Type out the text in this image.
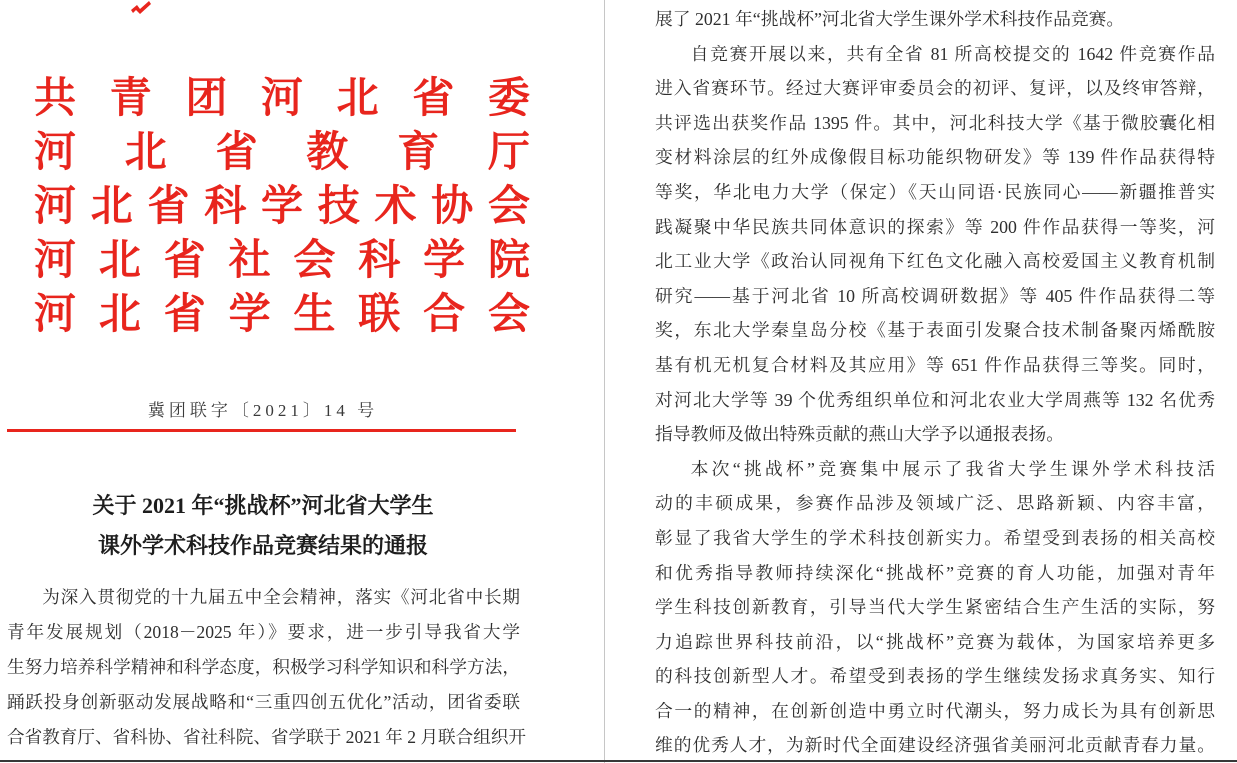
共青团河北省委
河北省教育厅
河北省科学技术协会
河北省社会科学院
河北省学生联合会
冀团联字〔2021〕14 号
关于 2021 年“挑战杯”河北省大学生
课外学术科技作品竞赛结果的通报
为深入贯彻党的十九届五中全会精神，落实《河北省中长期
青年发展规划（2018－2025 年）》要求，进一步引导我省大学
生努力培养科学精神和科学态度，积极学习科学知识和科学方法，
踊跃投身创新驱动发展战略和“三重四创五优化”活动，团省委联
合省教育厅、省科协、省社科院、省学联于 2021 年 2 月联合组织开
展了 2021 年“挑战杯”河北省大学生课外学术科技作品竞赛。
自竞赛开展以来，共有全省 81 所高校提交的 1642 件竞赛作品
进入省赛环节。经过大赛评审委员会的初评、复评，以及终审答辩，
共评选出获奖作品 1395 件。其中，河北科技大学《基于微胶囊化相
变材料涂层的红外成像假目标功能织物研发》等 139 件作品获得特
等奖，华北电力大学（保定）《天山同语·民族同心——新疆推普实
践凝聚中华民族共同体意识的探索》等 200 件作品获得一等奖，河
北工业大学《政治认同视角下红色文化融入高校爱国主义教育机制
研究——基于河北省 10 所高校调研数据》等 405 件作品获得二等
奖，东北大学秦皇岛分校《基于表面引发聚合技术制备聚丙烯酰胺
基有机无机复合材料及其应用》等 651 件作品获得三等奖。同时，
对河北大学等 39 个优秀组织单位和河北农业大学周燕等 132 名优秀
指导教师及做出特殊贡献的燕山大学予以通报表扬。
本次“挑战杯”竞赛集中展示了我省大学生课外学术科技活
动的丰硕成果，参赛作品涉及领域广泛、思路新颖、内容丰富，
彰显了我省大学生的学术科技创新实力。希望受到表扬的相关高校
和优秀指导教师持续深化“挑战杯”竞赛的育人功能，加强对青年
学生科技创新教育，引导当代大学生紧密结合生产生活的实际，努
力追踪世界科技前沿，以“挑战杯”竞赛为载体，为国家培养更多
的科技创新型人才。希望受到表扬的学生继续发扬求真务实、知行
合一的精神，在创新创造中勇立时代潮头，努力成长为具有创新思
维的优秀人才，为新时代全面建设经济强省美丽河北贡献青春力量。
